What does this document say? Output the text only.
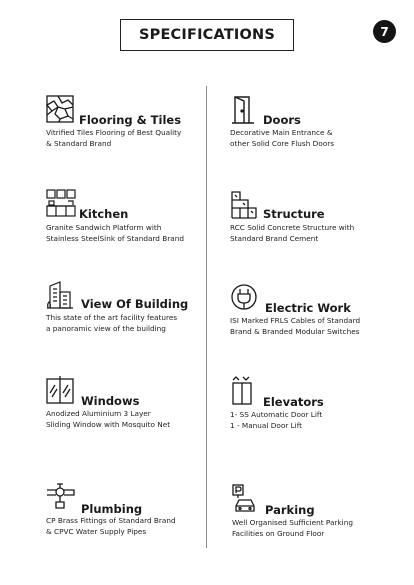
SPECIFICATIONS	7
Flooring & Tiles
Vitrified Tiles Flooring of Best Quality
& Standard Brand
Doors
Decorative Main Entrance &
other Solid Core Flush Doors
Kitchen
Granite Sandwich Platform with
Stainless SteelSink of Standard Brand
Structure
RCC Solid Concrete Structure with
Standard Brand Cement
View Of Building
This state of the art facility features
a panoramic view of the building
Electric Work
ISI Marked FRLS Cables of Standard
Brand & Branded Modular Switches
Windows
Anodized Aluminium 3 Layer
Sliding Window with Mosquito Net
Elevators
1- SS Automatic Door Lift
1 - Manual Door Lift
Plumbing
CP Brass Fittings of Standard Brand
& CPVC Water Supply Pipes
Parking
Well Organised Sufficient Parking
Facilities on Ground Floor
